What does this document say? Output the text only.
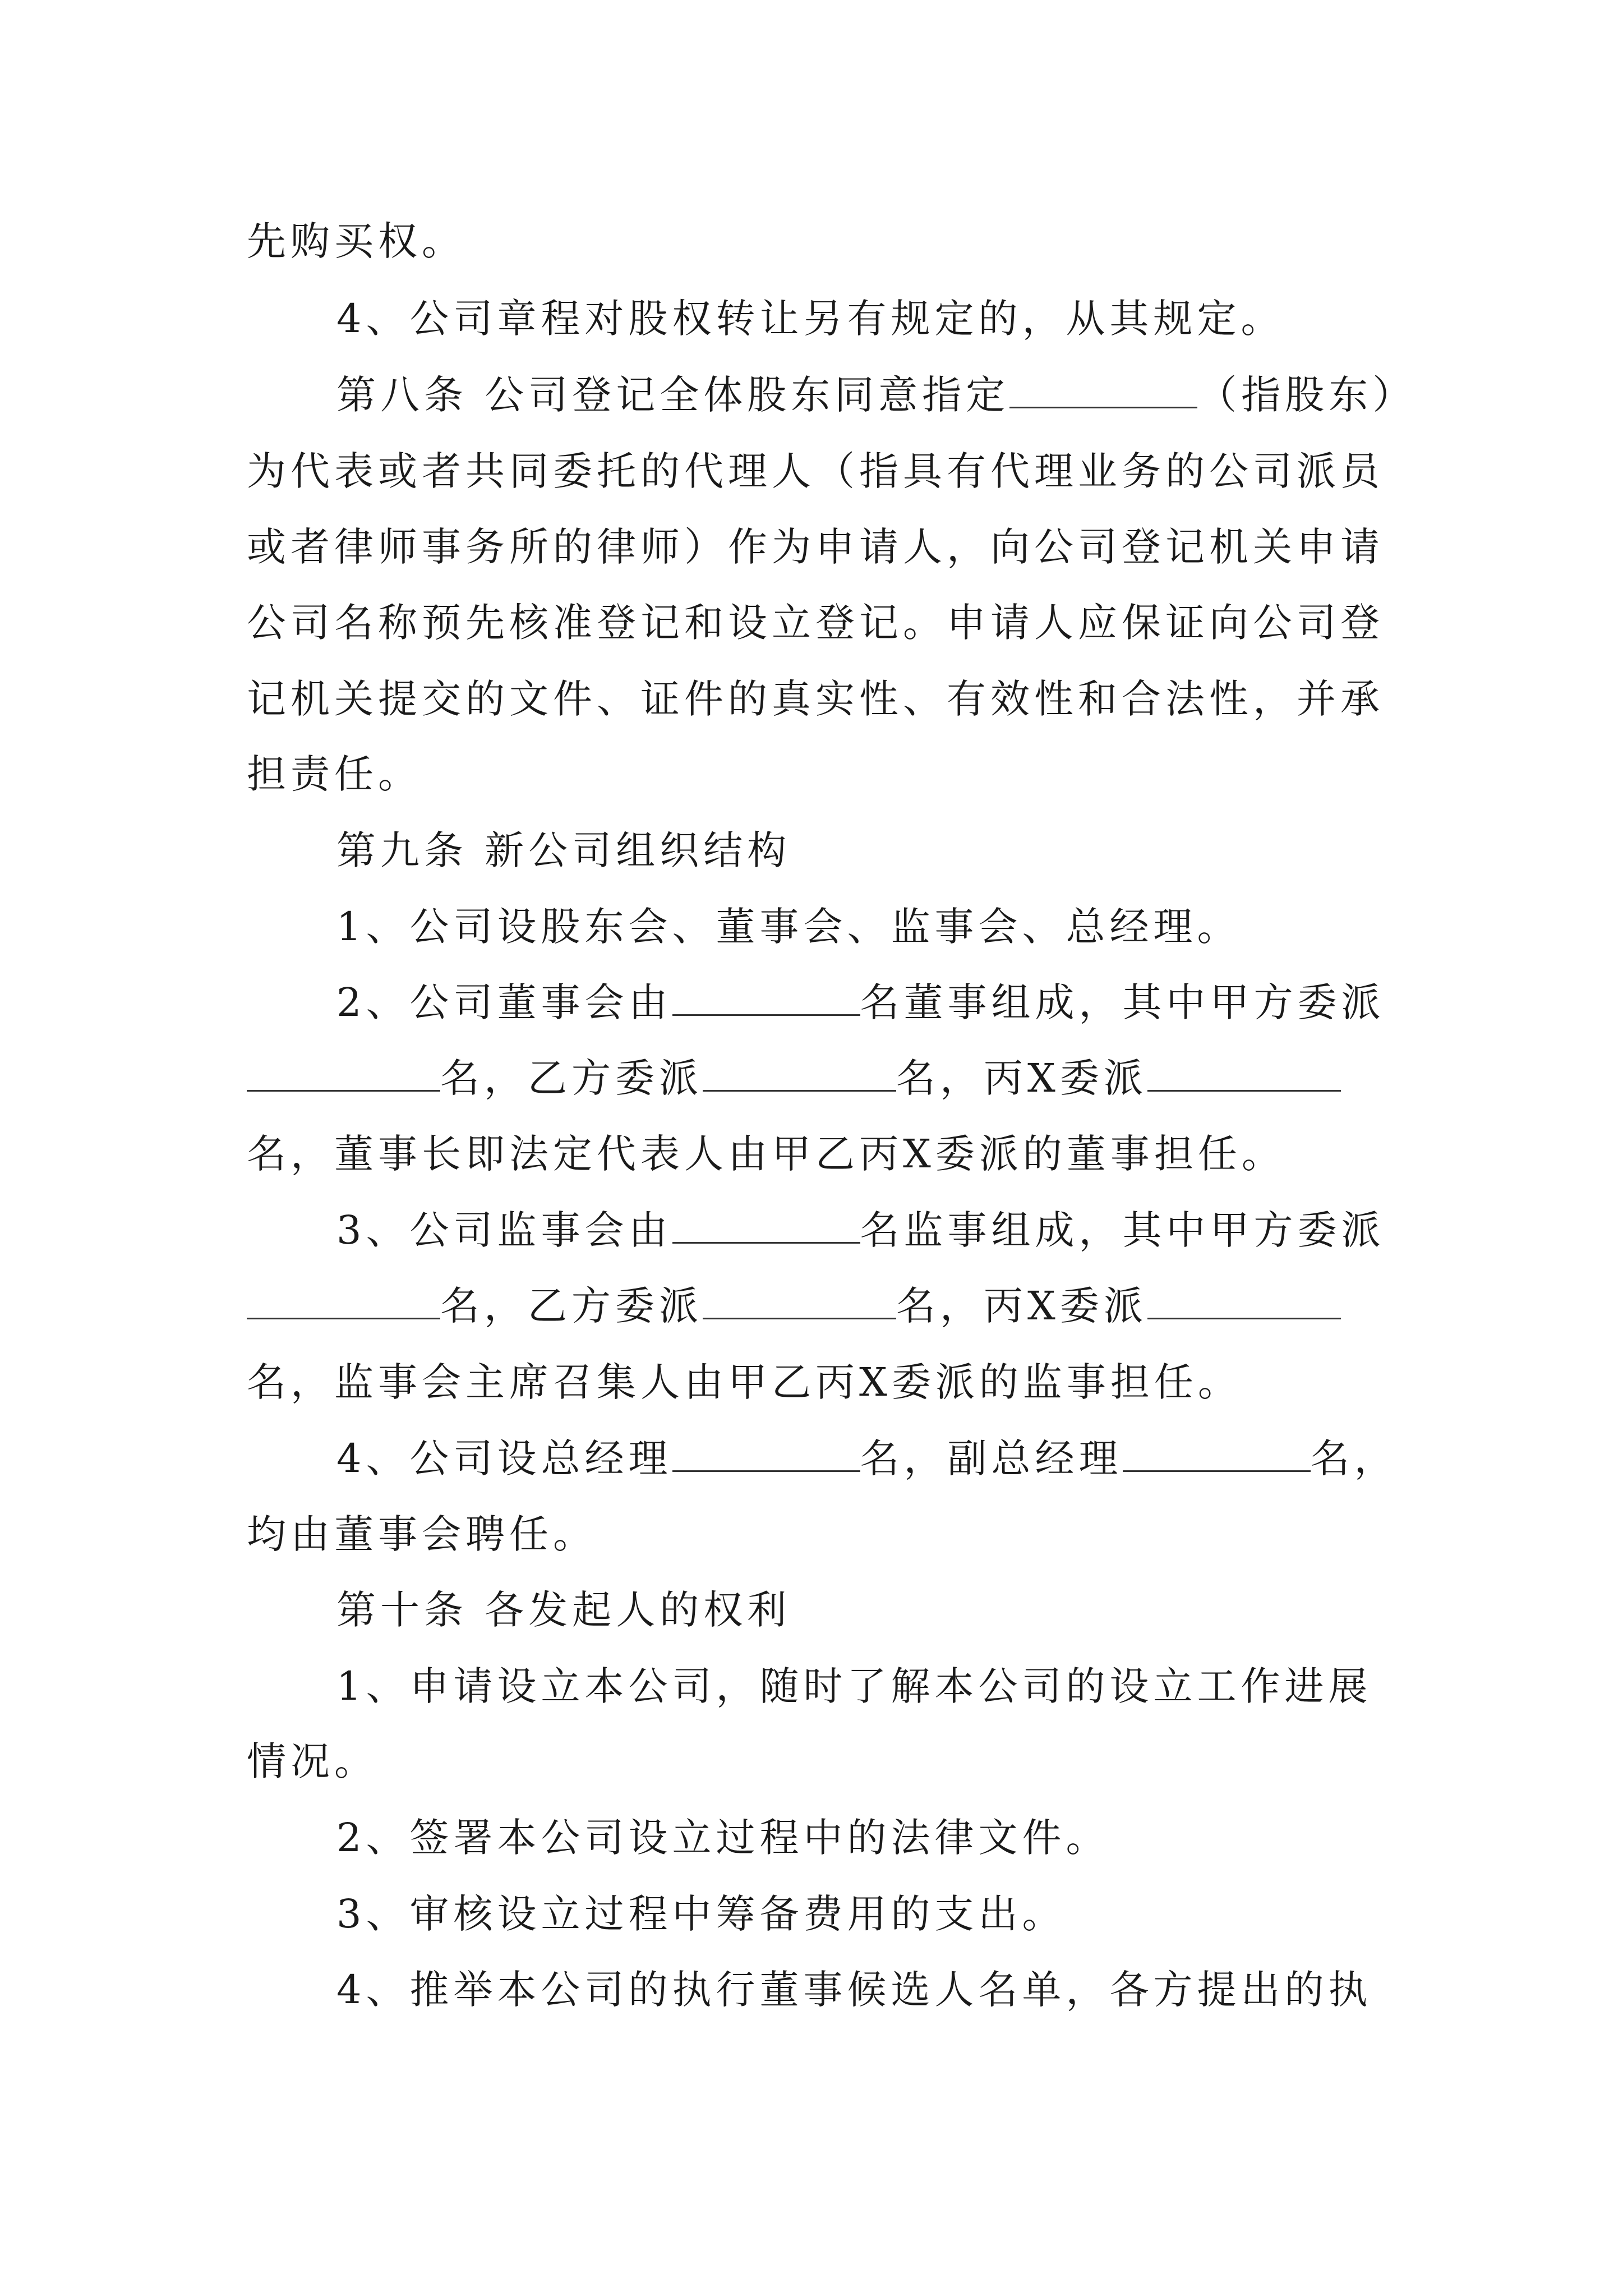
先购买权。
4、公司章程对股权转让另有规定的，从其规定。
第八条 公司登记全体股东同意指定	（指股东）
为代表或者共同委托的代理人（指具有代理业务的公司派员
或者律师事务所的律师）作为申请人，向公司登记机关申请
公司名称预先核准登记和设立登记。申请人应保证向公司登
记机关提交的文件、证件的真实性、有效性和合法性，并承
担责任。
第九条 新公司组织结构
1、公司设股东会、董事会、监事会、总经理。
2、公司董事会由	名董事组成，其中甲方委派
名，乙方委派	名，丙X委派
名，董事长即法定代表人由甲乙丙X委派的董事担任。
3、公司监事会由	名监事组成，其中甲方委派
名，乙方委派	名，丙X委派
名，监事会主席召集人由甲乙丙X委派的监事担任。
4、公司设总经理	名，副总经理	名，
均由董事会聘任。
第十条 各发起人的权利
1、申请设立本公司，随时了解本公司的设立工作进展
情况。
2、签署本公司设立过程中的法律文件。
3、审核设立过程中筹备费用的支出。
4、推举本公司的执行董事候选人名单，各方提出的执
